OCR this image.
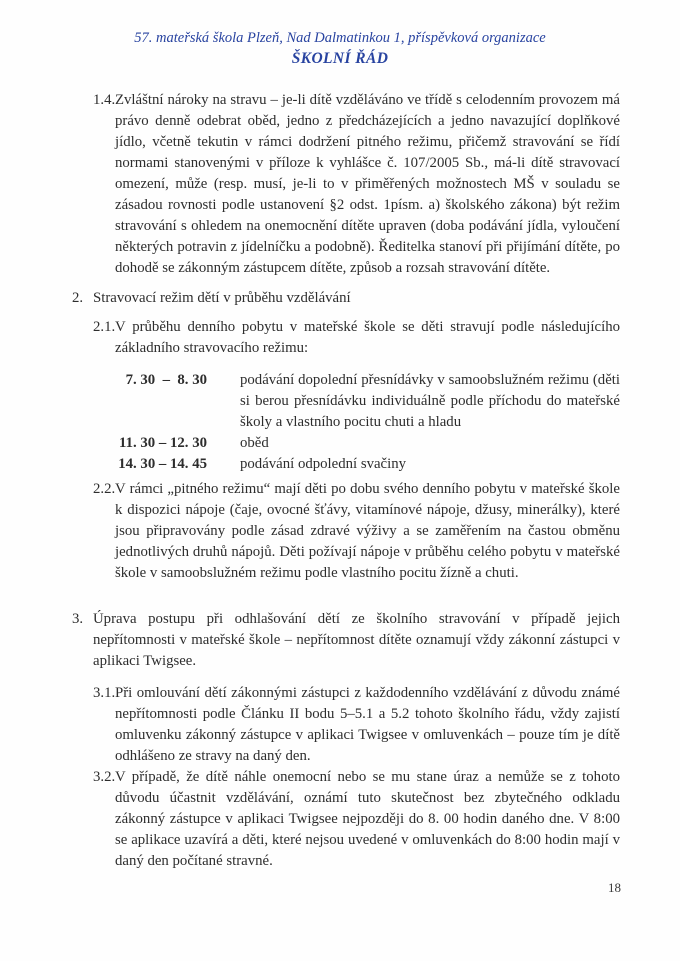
57. mateřská škola Plzeň, Nad Dalmatinkou 1, příspěvková organizace
ŠKOLNÍ ŘÁD
1.4. Zvláštní nároky na stravu – je-li dítě vzděláváno ve třídě s celodenním provozem má právo denně odebrat oběd, jedno z předcházejících a jedno navazující doplňkové jídlo, včetně tekutin v rámci dodržení pitného režimu, přičemž stravování se řídí normami stanovenými v příloze k vyhlášce č. 107/2005 Sb., má-li dítě stravovací omezení, může (resp. musí, je-li to v přiměřených možnostech MŠ v souladu se zásadou rovnosti podle ustanovení §2 odst. 1písm. a) školského zákona) být režim stravování s ohledem na onemocnění dítěte upraven (doba podávání jídla, vyloučení některých potravin z jídelníčku a podobně). Ředitelka stanoví při přijímání dítěte, po dohodě se zákonným zástupcem dítěte, způsob a rozsah stravování dítěte.
2. Stravovací režim dětí v průběhu vzdělávání
2.1. V průběhu denního pobytu v mateřské škole se děti stravují podle následujícího základního stravovacího režimu:
7. 30  –  8. 30 podávání dopolední přesnídávky v samoobslužném režimu (děti si berou přesnídávku individuálně podle příchodu do mateřské školy a vlastního pocitu chuti a hladu
11. 30 – 12. 30 oběd
14. 30 – 14. 45 podávání odpolední svačiny
2.2. V rámci „pitného režimu“ mají děti po dobu svého denního pobytu v mateřské škole k dispozici nápoje (čaje, ovocné šťávy, vitamínové nápoje, džusy, minerálky), které jsou připravovány podle zásad zdravé výživy a se zaměřením na častou obměnu jednotlivých druhů nápojů. Děti požívají nápoje v průběhu celého pobytu v mateřské škole v samoobslužném režimu podle vlastního pocitu žízně a chuti.
3. Úprava postupu při odhlašování dětí ze školního stravování v případě jejich nepřítomnosti v mateřské škole – nepřítomnost dítěte oznamují vždy zákonní zástupci v aplikaci Twigsee.
3.1. Při omlouvání dětí zákonnými zástupci z každodenního vzdělávání z důvodu známé nepřítomnosti podle Článku II bodu 5–5.1 a 5.2 tohoto školního řádu, vždy zajistí omluvenku zákonný zástupce v aplikaci Twigsee v omluvenkách – pouze tím je dítě odhlášeno ze stravy na daný den.
3.2. V případě, že dítě náhle onemocní nebo se mu stane úraz a nemůže se z tohoto důvodu účastnit vzdělávání, oznámí tuto skutečnost bez zbytečného odkladu zákonný zástupce v aplikaci Twigsee nejpozději do 8. 00 hodin daného dne. V 8:00 se aplikace uzavírá a děti, které nejsou uvedené v omluvenkách do 8:00 hodin mají v daný den počítané stravné.
18
